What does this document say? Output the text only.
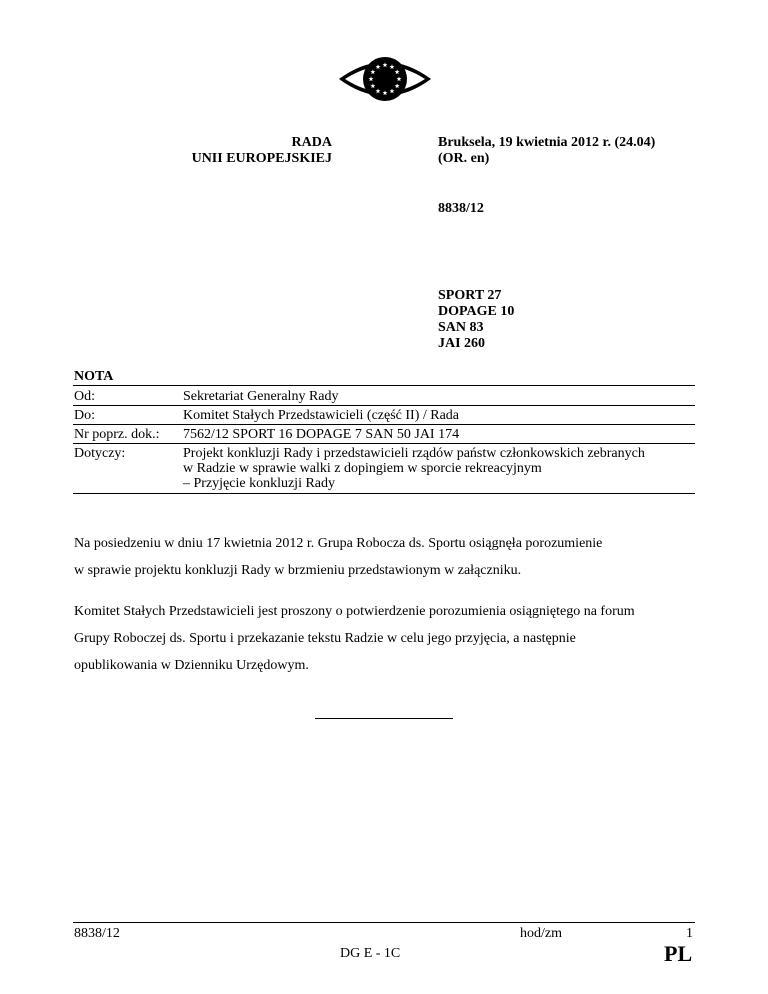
RADA
UNII EUROPEJSKIEJ
Bruksela, 19 kwietnia 2012 r. (24.04)
(OR. en)
8838/12
SPORT 27
DOPAGE 10
SAN 83
JAI 260
NOTA
Od:	Sekretariat Generalny Rady
Do:	Komitet Stałych Przedstawicieli (część II) / Rada
Nr poprz. dok.:	7562/12 SPORT 16 DOPAGE 7 SAN 50 JAI 174
Dotyczy:	Projekt konkluzji Rady i przedstawicieli rządów państw członkowskich zebranych
w Radzie w sprawie walki z dopingiem w sporcie rekreacyjnym
– Przyjęcie konkluzji Rady
Na posiedzeniu w dniu 17 kwietnia 2012 r. Grupa Robocza ds. Sportu osiągnęła porozumienie
w sprawie projektu konkluzji Rady w brzmieniu przedstawionym w załączniku.
Komitet Stałych Przedstawicieli jest proszony o potwierdzenie porozumienia osiągniętego na forum
Grupy Roboczej ds. Sportu i przekazanie tekstu Radzie w celu jego przyjęcia, a następnie
opublikowania w Dzienniku Urzędowym.
8838/12	hod/zm	1
DG E - 1C	PL
